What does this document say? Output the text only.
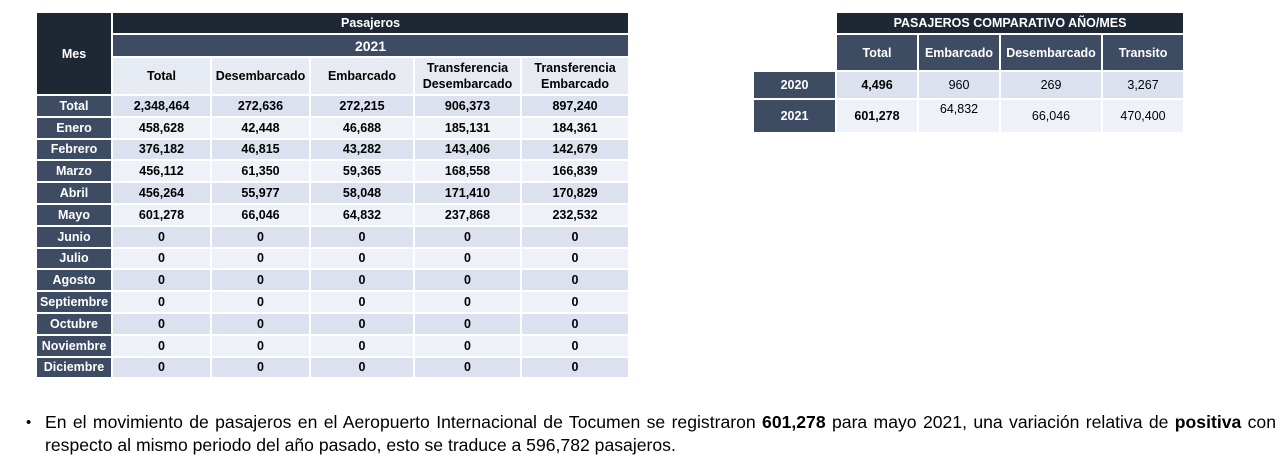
Mes	Pasajeros				
	2021				
	Total	Desembarcado	Embarcado	Transferencia Desembarcado	Transferencia Embarcado
Total	2,348,464	272,636	272,215	906,373	897,240
Enero	458,628	42,448	46,688	185,131	184,361
Febrero	376,182	46,815	43,282	143,406	142,679
Marzo	456,112	61,350	59,365	168,558	166,839
Abril	456,264	55,977	58,048	171,410	170,829
Mayo	601,278	66,046	64,832	237,868	232,532
Junio	0	0	0	0	0
Julio	0	0	0	0	0
Agosto	0	0	0	0	0
Septiembre	0	0	0	0	0
Octubre	0	0	0	0	0
Noviembre	0	0	0	0	0
Diciembre	0	0	0	0	0
	PASAJEROS COMPARATIVO AÑO/MES			
	Total	Embarcado	Desembarcado	Transito
2020	4,496	960	269	3,267
2021	601,278	64,832	66,046	470,400
• En el movimiento de pasajeros en el Aeropuerto Internacional de Tocumen se registraron 601,278 para mayo 2021, una variación relativa de positiva con respecto al mismo periodo del año pasado, esto se traduce a 596,782 pasajeros.
